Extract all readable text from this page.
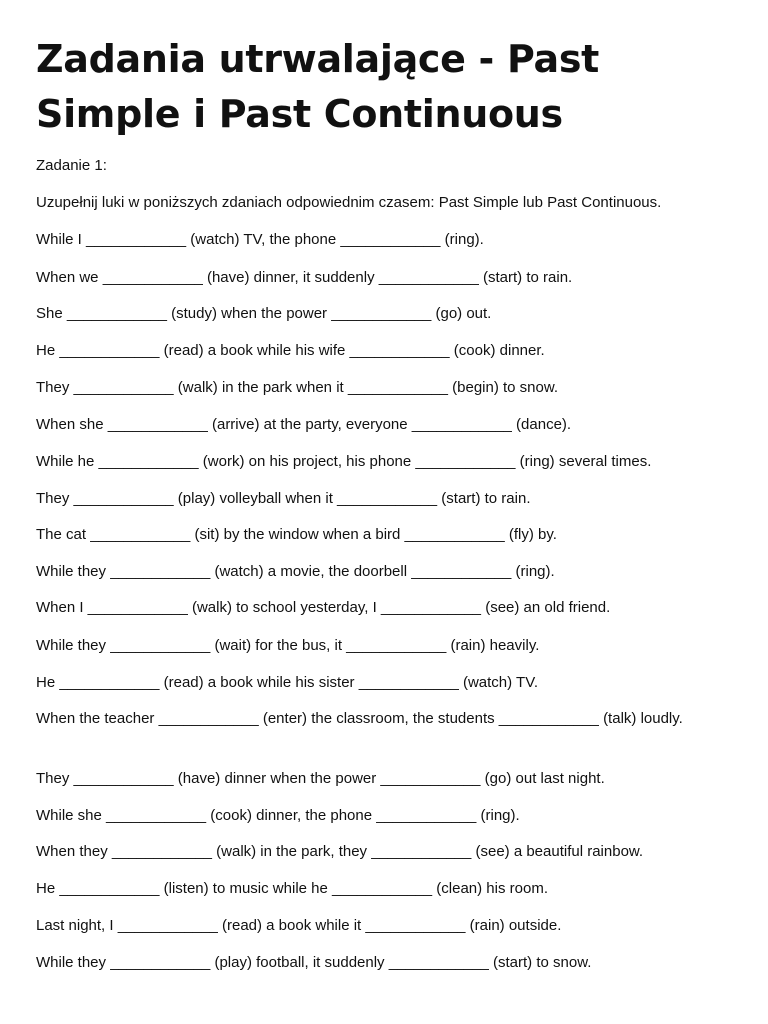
Zadania utrwalające - Past Simple i Past Continuous

Zadanie 1:

Uzupełnij luki w poniższych zdaniach odpowiednim czasem: Past Simple lub Past Continuous.

While I ____________ (watch) TV, the phone ____________ (ring).

When we ____________ (have) dinner, it suddenly ____________ (start) to rain.

She ____________ (study) when the power ____________ (go) out.

He ____________ (read) a book while his wife ____________ (cook) dinner.

They ____________ (walk) in the park when it ____________ (begin) to snow.

When she ____________ (arrive) at the party, everyone ____________ (dance).

While he ____________ (work) on his project, his phone ____________ (ring) several times.

They ____________ (play) volleyball when it ____________ (start) to rain.

The cat ____________ (sit) by the window when a bird ____________ (fly) by.

While they ____________ (watch) a movie, the doorbell ____________ (ring).

When I ____________ (walk) to school yesterday, I ____________ (see) an old friend.

While they ____________ (wait) for the bus, it ____________ (rain) heavily.

He ____________ (read) a book while his sister ____________ (watch) TV.

When the teacher ____________ (enter) the classroom, the students ____________ (talk) loudly.

They ____________ (have) dinner when the power ____________ (go) out last night.

While she ____________ (cook) dinner, the phone ____________ (ring).

When they ____________ (walk) in the park, they ____________ (see) a beautiful rainbow.

He ____________ (listen) to music while he ____________ (clean) his room.

Last night, I ____________ (read) a book while it ____________ (rain) outside.

While they ____________ (play) football, it suddenly ____________ (start) to snow.
